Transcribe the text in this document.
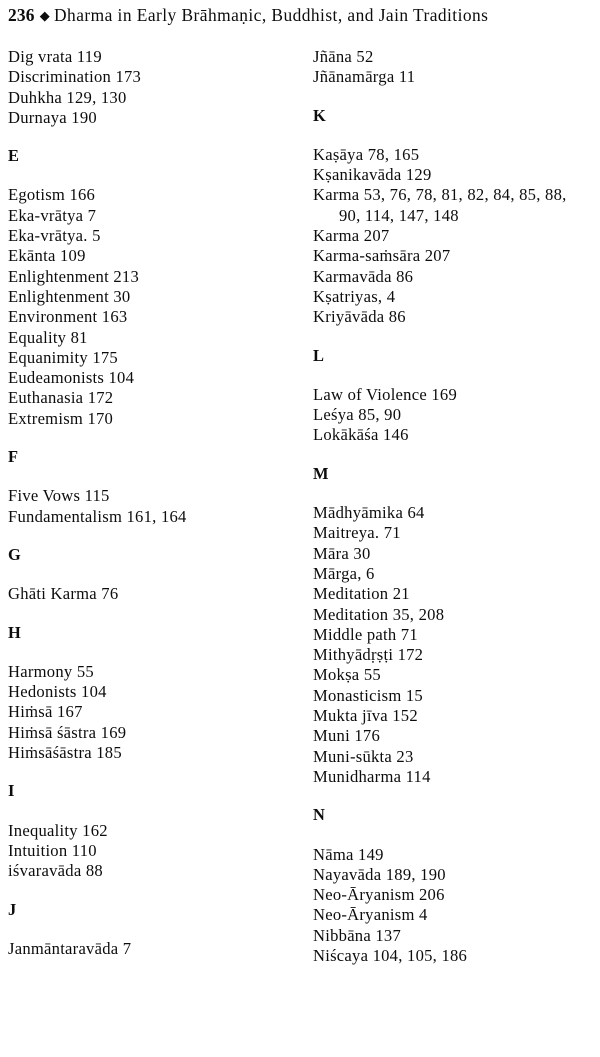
236 ◆ Dharma in Early Brāhmaṇic, Buddhist, and Jain Traditions
Dig vrata 119
Discrimination 173
Duhkha 129, 130
Durnaya 190
E
Egotism 166
Eka-vrātya 7
Eka-vrātya. 5
Ekānta 109
Enlightenment 213
Enlightenment 30
Environment 163
Equality 81
Equanimity 175
Eudeamonists 104
Euthanasia 172
Extremism 170
F
Five Vows 115
Fundamentalism 161, 164
G
Ghāti Karma 76
H
Harmony 55
Hedonists 104
Hiṁsā 167
Hiṁsā śāstra 169
Hiṁsāśāstra 185
I
Inequality 162
Intuition 110
iśvaravāda 88
J
Janmāntaravāda 7
Jñāna 52
Jñānamārga 11
K
Kaṣāya 78, 165
Kṣanikavāda 129
Karma 53, 76, 78, 81, 82, 84, 85, 88,
90, 114, 147, 148
Karma 207
Karma-saṁsāra 207
Karmavāda 86
Kṣatriyas, 4
Kriyāvāda 86
L
Law of Violence 169
Leśya 85, 90
Lokākāśa 146
M
Mādhyāmika 64
Maitreya. 71
Māra 30
Mārga, 6
Meditation 21
Meditation 35, 208
Middle path 71
Mithyādṛṣṭi 172
Mokṣa 55
Monasticism 15
Mukta jīva 152
Muni 176
Muni-sūkta 23
Munidharma 114
N
Nāma 149
Nayavāda 189, 190
Neo-Āryanism 206
Neo-Āryanism 4
Nibbāna 137
Niścaya 104, 105, 186
